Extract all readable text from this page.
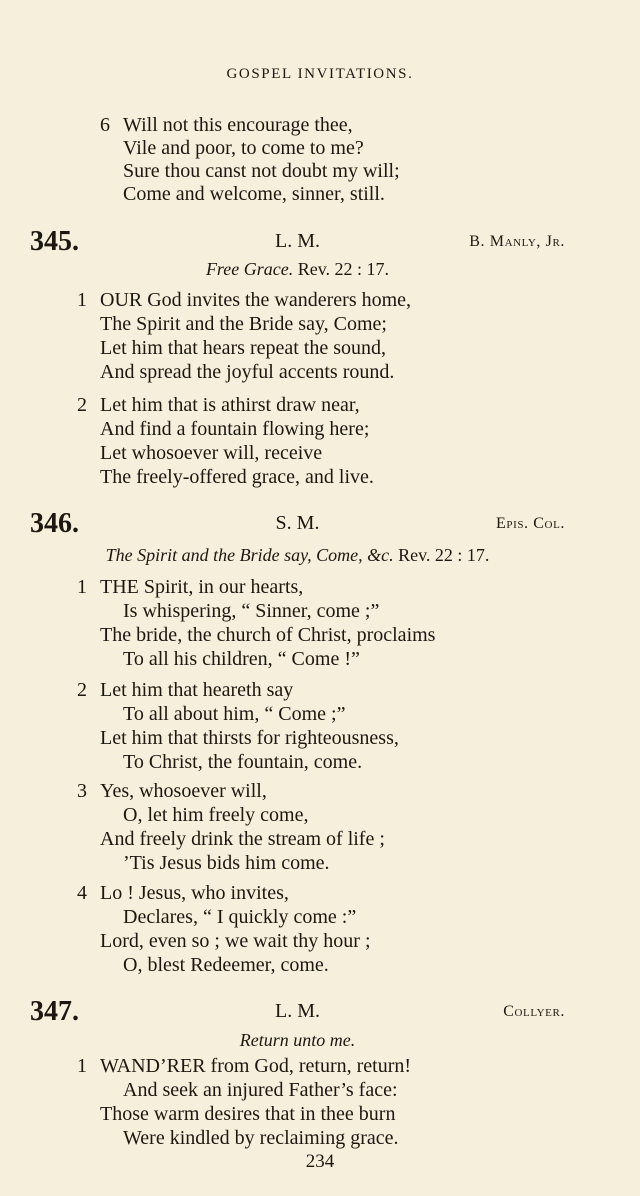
GOSPEL INVITATIONS.
6 Will not this encourage thee,
Vile and poor, to come to me?
Sure thou canst not doubt my will;
Come and welcome, sinner, still.
345.	L. M.	B. Manly, Jr.
Free Grace. Rev. 22 : 17.
1 OUR God invites the wanderers home,
The Spirit and the Bride say, Come;
Let him that hears repeat the sound,
And spread the joyful accents round.
2 Let him that is athirst draw near,
And find a fountain flowing here;
Let whosoever will, receive
The freely-offered grace, and live.
346.	S. M.	Epis. Col.
The Spirit and the Bride say, Come, &c. Rev. 22 : 17.
1 THE Spirit, in our hearts,
Is whispering, “ Sinner, come ;”
The bride, the church of Christ, proclaims
To all his children, “ Come !”
2 Let him that heareth say
To all about him, “ Come ;”
Let him that thirsts for righteousness,
To Christ, the fountain, come.
3 Yes, whosoever will,
O, let him freely come,
And freely drink the stream of life ;
’Tis Jesus bids him come.
4 Lo ! Jesus, who invites,
Declares, “ I quickly come :”
Lord, even so ; we wait thy hour ;
O, blest Redeemer, come.
347.	L. M.	Collyer.
Return unto me.
1 WAND’RER from God, return, return!
And seek an injured Father’s face:
Those warm desires that in thee burn
Were kindled by reclaiming grace.
234
